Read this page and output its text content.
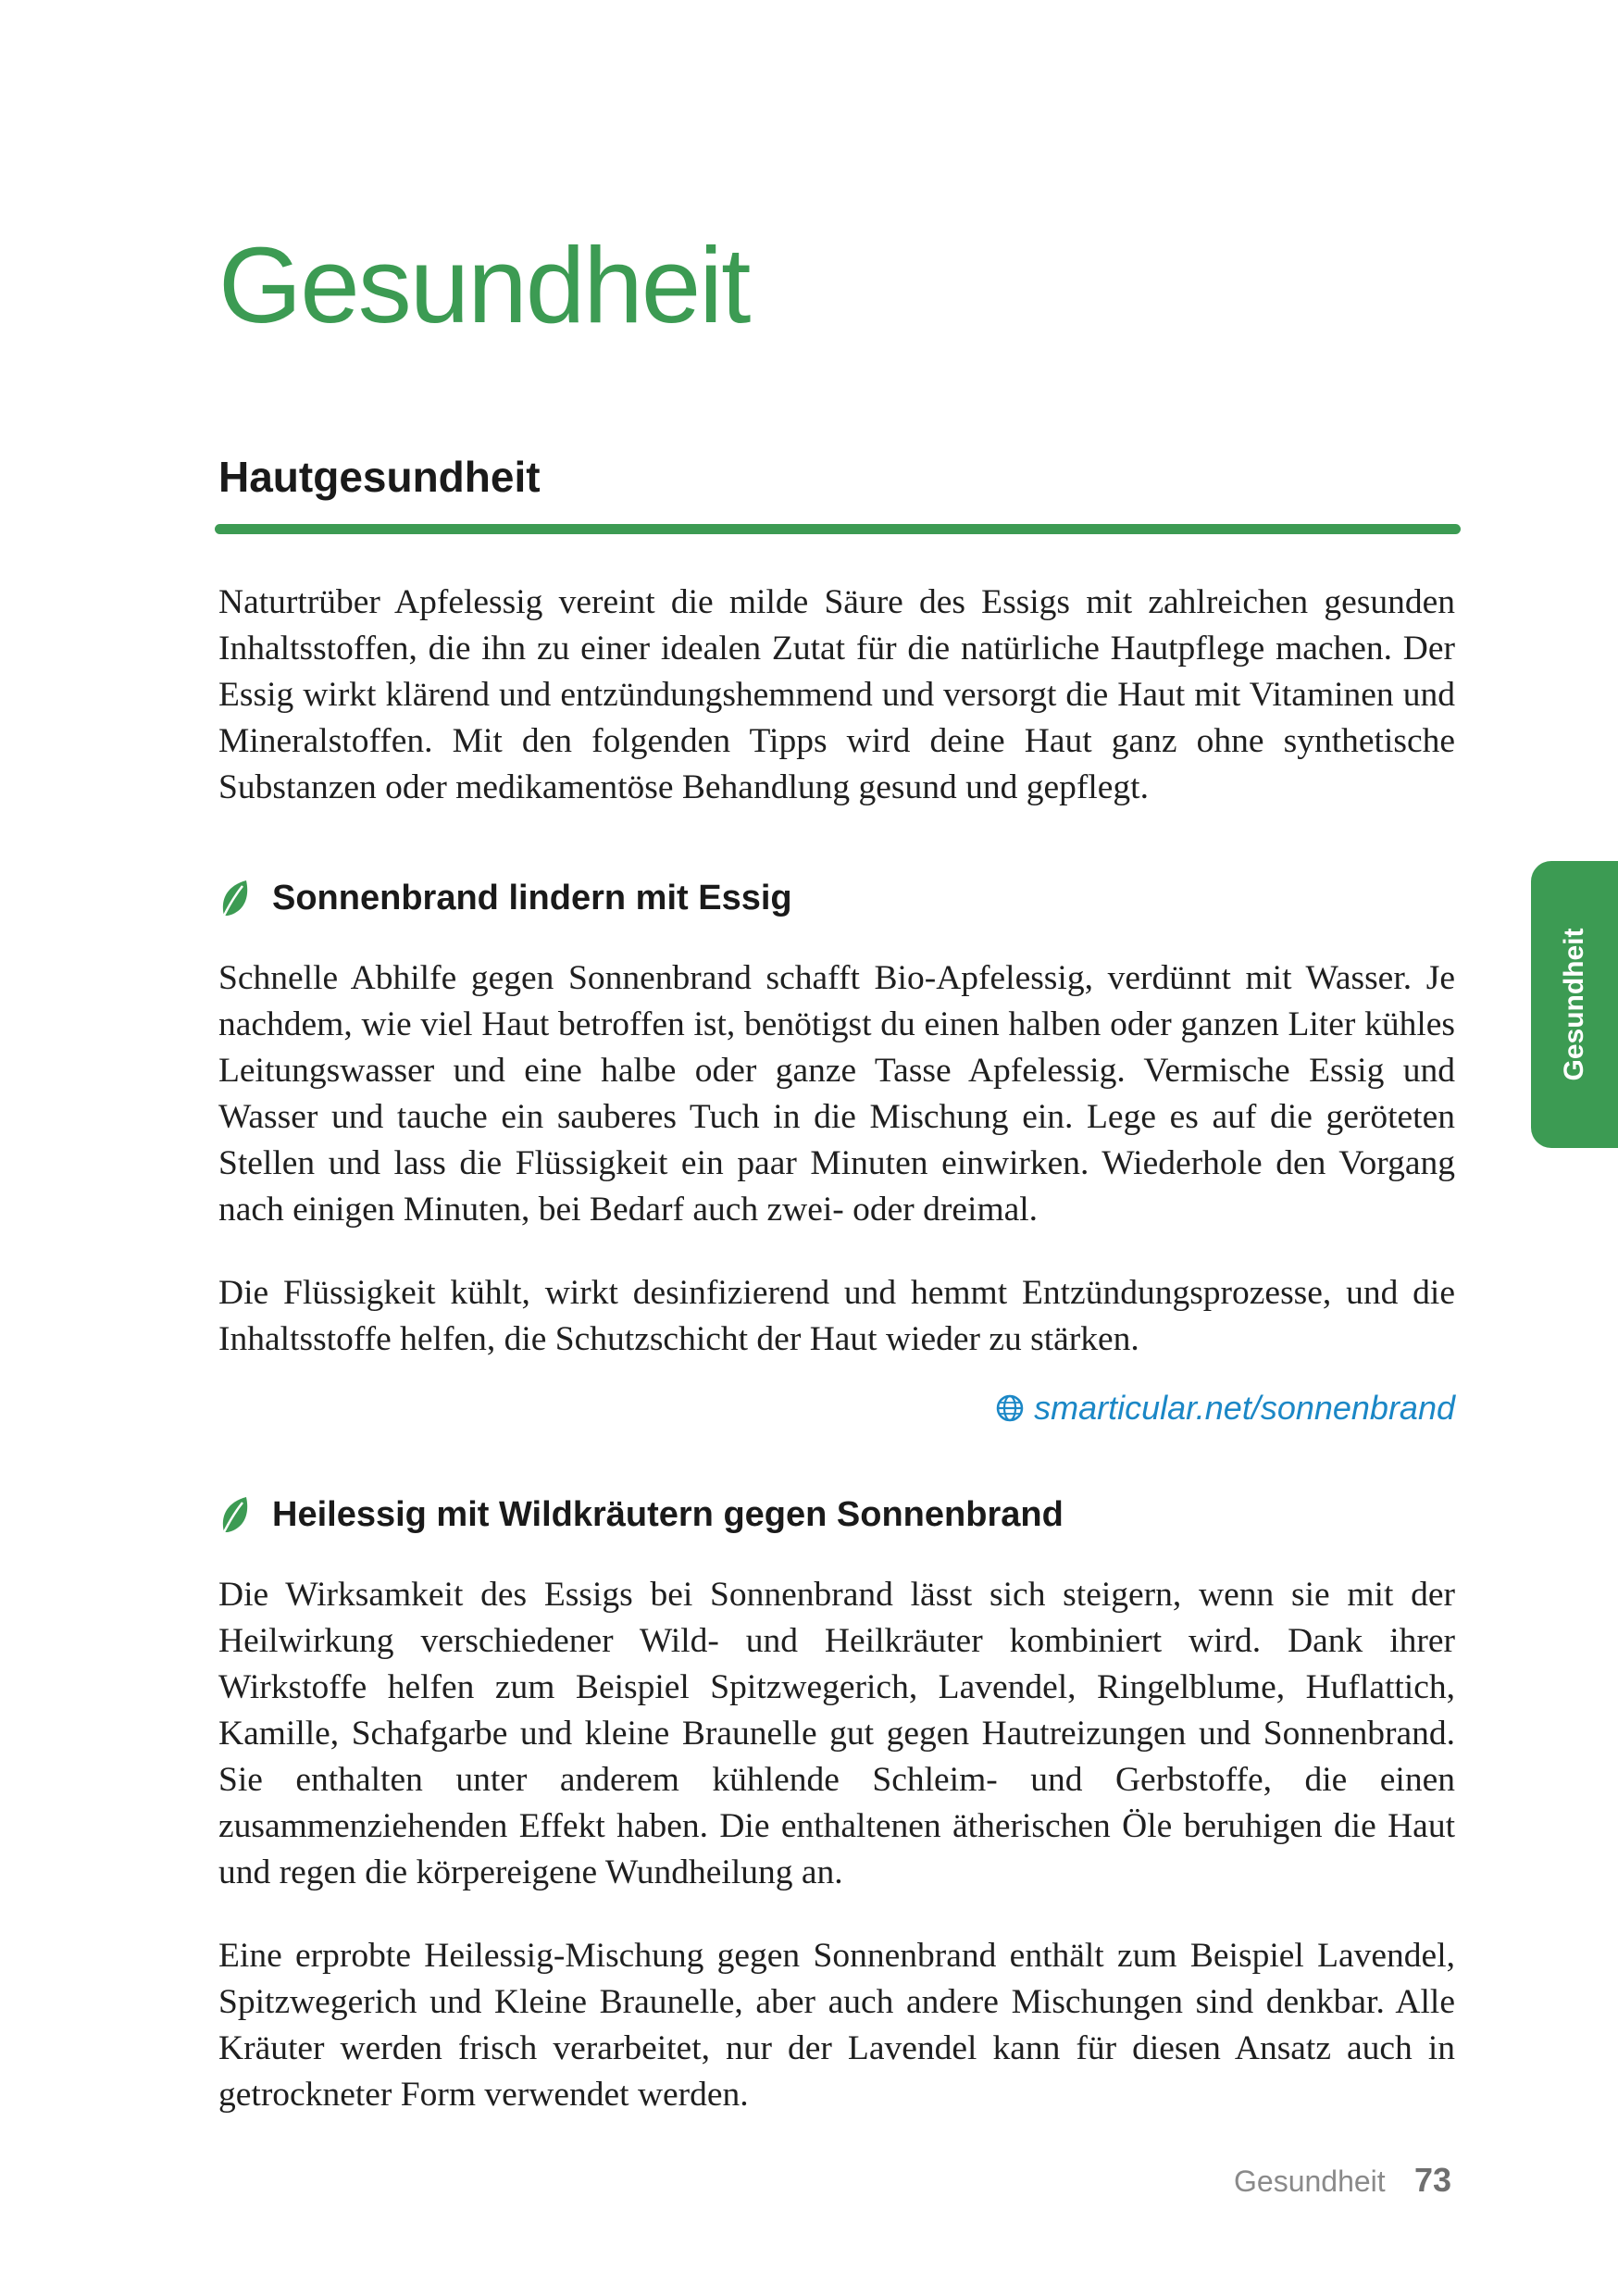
Gesundheit
Hautgesundheit

Naturtrüber Apfelessig vereint die milde Säure des Essigs mit zahlreichen gesunden Inhaltsstoffen, die ihn zu einer idealen Zutat für die natürliche Hautpflege machen. Der Essig wirkt klärend und entzündungshemmend und versorgt die Haut mit Vitaminen und Mineralstoffen. Mit den folgenden Tipps wird deine Haut ganz ohne synthetische Substanzen oder medikamentöse Behandlung gesund und gepflegt.

Sonnenbrand lindern mit Essig

Schnelle Abhilfe gegen Sonnenbrand schafft Bio-Apfelessig, verdünnt mit Wasser. Je nachdem, wie viel Haut betroffen ist, benötigst du einen halben oder ganzen Liter kühles Leitungswasser und eine halbe oder ganze Tasse Apfelessig. Vermische Essig und Wasser und tauche ein sauberes Tuch in die Mischung ein. Lege es auf die geröteten Stellen und lass die Flüssigkeit ein paar Minuten einwirken. Wiederhole den Vorgang nach einigen Minuten, bei Bedarf auch zwei- oder dreimal.

Die Flüssigkeit kühlt, wirkt desinfizierend und hemmt Entzündungsprozesse, und die Inhaltsstoffe helfen, die Schutzschicht der Haut wieder zu stärken.

smarticular.net/sonnenbrand
Heilessig mit Wildkräutern gegen Sonnenbrand

Die Wirksamkeit des Essigs bei Sonnenbrand lässt sich steigern, wenn sie mit der Heilwirkung verschiedener Wild- und Heilkräuter kombiniert wird. Dank ihrer Wirkstoffe helfen zum Beispiel Spitzwegerich, Lavendel, Ringelblume, Huflattich, Kamille, Schafgarbe und kleine Braunelle gut gegen Hautreizungen und Sonnenbrand. Sie enthalten unter anderem kühlende Schleim- und Gerbstoffe, die einen zusammenziehenden Effekt haben. Die enthaltenen ätherischen Öle beruhigen die Haut und regen die körpereigene Wundheilung an.

Eine erprobte Heilessig-Mischung gegen Sonnenbrand enthält zum Beispiel Lavendel, Spitzwegerich und Kleine Braunelle, aber auch andere Mischungen sind denkbar. Alle Kräuter werden frisch verarbeitet, nur der Lavendel kann für diesen Ansatz auch in getrockneter Form verwendet werden.

Gesundheit
Gesundheit 73
